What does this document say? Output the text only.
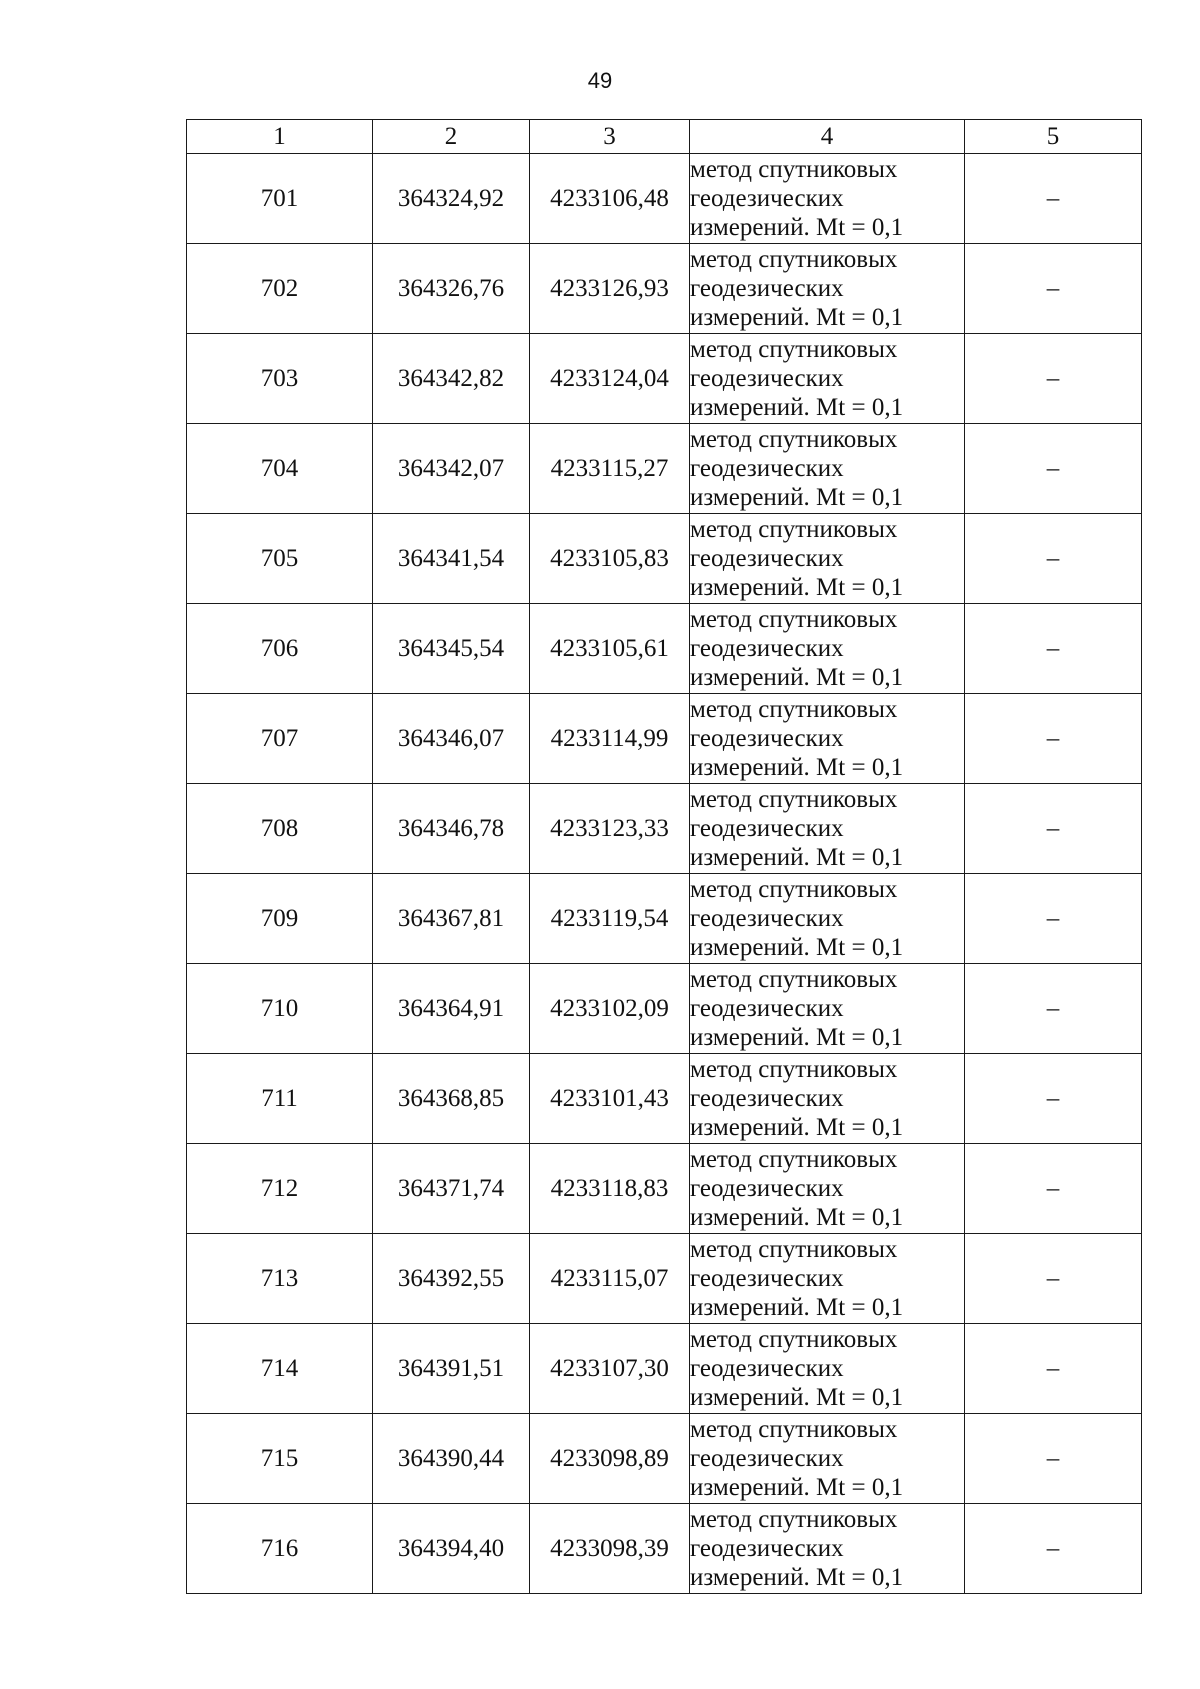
49
1	2	3	4	5
701	364324,92	4233106,48	метод спутниковых
геодезических
измерений. Mt = 0,1	–
702	364326,76	4233126,93	метод спутниковых
геодезических
измерений. Mt = 0,1	–
703	364342,82	4233124,04	метод спутниковых
геодезических
измерений. Mt = 0,1	–
704	364342,07	4233115,27	метод спутниковых
геодезических
измерений. Mt = 0,1	–
705	364341,54	4233105,83	метод спутниковых
геодезических
измерений. Mt = 0,1	–
706	364345,54	4233105,61	метод спутниковых
геодезических
измерений. Mt = 0,1	–
707	364346,07	4233114,99	метод спутниковых
геодезических
измерений. Mt = 0,1	–
708	364346,78	4233123,33	метод спутниковых
геодезических
измерений. Mt = 0,1	–
709	364367,81	4233119,54	метод спутниковых
геодезических
измерений. Mt = 0,1	–
710	364364,91	4233102,09	метод спутниковых
геодезических
измерений. Mt = 0,1	–
711	364368,85	4233101,43	метод спутниковых
геодезических
измерений. Mt = 0,1	–
712	364371,74	4233118,83	метод спутниковых
геодезических
измерений. Mt = 0,1	–
713	364392,55	4233115,07	метод спутниковых
геодезических
измерений. Mt = 0,1	–
714	364391,51	4233107,30	метод спутниковых
геодезических
измерений. Mt = 0,1	–
715	364390,44	4233098,89	метод спутниковых
геодезических
измерений. Mt = 0,1	–
716	364394,40	4233098,39	метод спутниковых
геодезических
измерений. Mt = 0,1	–
